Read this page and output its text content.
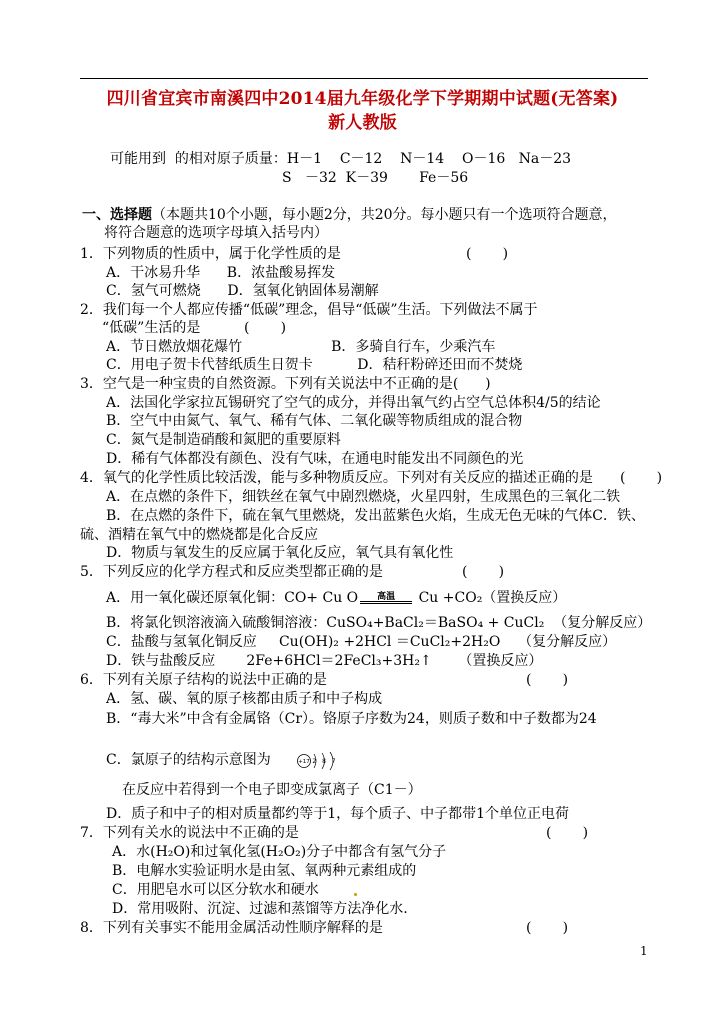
四川省宜宾市南溪四中2014届九年级化学下学期期中试题(无答案)
新人教版
可能用到  的相对原子质量：H－1    C－12    N－14    O－16   Na－23
S   －32  K－39       Fe－56
一、选择题（本题共10个小题，每小题2分，共20分。每小题只有一个选项符合题意，
将符合题意的选项字母填入括号内）
1．下列物质的性质中，属于化学性质的是	(       )
A．干冰易升华      B．浓盐酸易挥发
C．氢气可燃烧      D．氢氧化钠固体易潮解
2．我们每一个人都应传播“低碳”理念，倡导“低碳”生活。下列做法不属于
“低碳”生活的是	(       )
A．节日燃放烟花爆竹                    B．多骑自行车，少乘汽车
C．用电子贺卡代替纸质生日贺卡          D．秸秆粉碎还田而不焚烧
3．空气是一种宝贵的自然资源。下列有关说法中不正确的是(      )
A．法国化学家拉瓦锡研究了空气的成分，并得出氧气约占空气总体积4/5的结论
B．空气中由氮气、氧气、稀有气体、二氧化碳等物质组成的混合物
C．氮气是制造硝酸和氮肥的重要原料
D．稀有气体都没有颜色、没有气味，在通电时能发出不同颜色的光
4．氧气的化学性质比较活泼，能与多种物质反应。下列对有关反应的描述正确的是 (       )
A．在点燃的条件下，细铁丝在氧气中剧烈燃烧，火星四射，生成黑色的三氧化二铁
B．在点燃的条件下，硫在氧气里燃烧，发出蓝紫色火焰，生成无色无味的气体C．铁、
硫、酒精在氧气中的燃烧都是化合反应
D．物质与氧发生的反应属于氧化反应，氧气具有氧化性
5．下列反应的化学方程式和反应类型都正确的是	(       )
A．用一氧化碳还原氧化铜：CO+ Cu O	高温	Cu +CO₂（置换反应）
B．将氯化钡溶液滴入硫酸铜溶液：CuSO₄+BaCl₂＝BaSO₄ + CuCl₂  （复分解反应）
C．盐酸与氢氧化铜反应     Cu(OH)₂ +2HCl ＝CuCl₂+2H₂O    （复分解反应）
D．铁与盐酸反应       2Fe+6HCl＝2FeCl₃+3H₂↑      （置换反应）
6．下列有关原子结构的说法中正确的是	(       )
A．氢、碳、氧的原子核都由质子和中子构成
B．“毒大米”中含有金属铬（Cr）。铬原子序数为24，则质子数和中子数都为24
C．氯原子的结构示意图为	+17 2 8 7
在反应中若得到一个电子即变成氯离子（C1－）
D．质子和中子的相对质量都约等于1，每个质子、中子都带1个单位正电荷
7．下列有关水的说法中不正确的是	(       )
A．水(H₂O)和过氧化氢(H₂O₂)分子中都含有氢气分子
B．电解水实验证明水是由氢、氧两种元素组成的
C．用肥皂水可以区分软水和硬水
D．常用吸附、沉淀、过滤和蒸馏等方法净化水.
8．下列有关事实不能用金属活动性顺序解释的是	(       )
1
